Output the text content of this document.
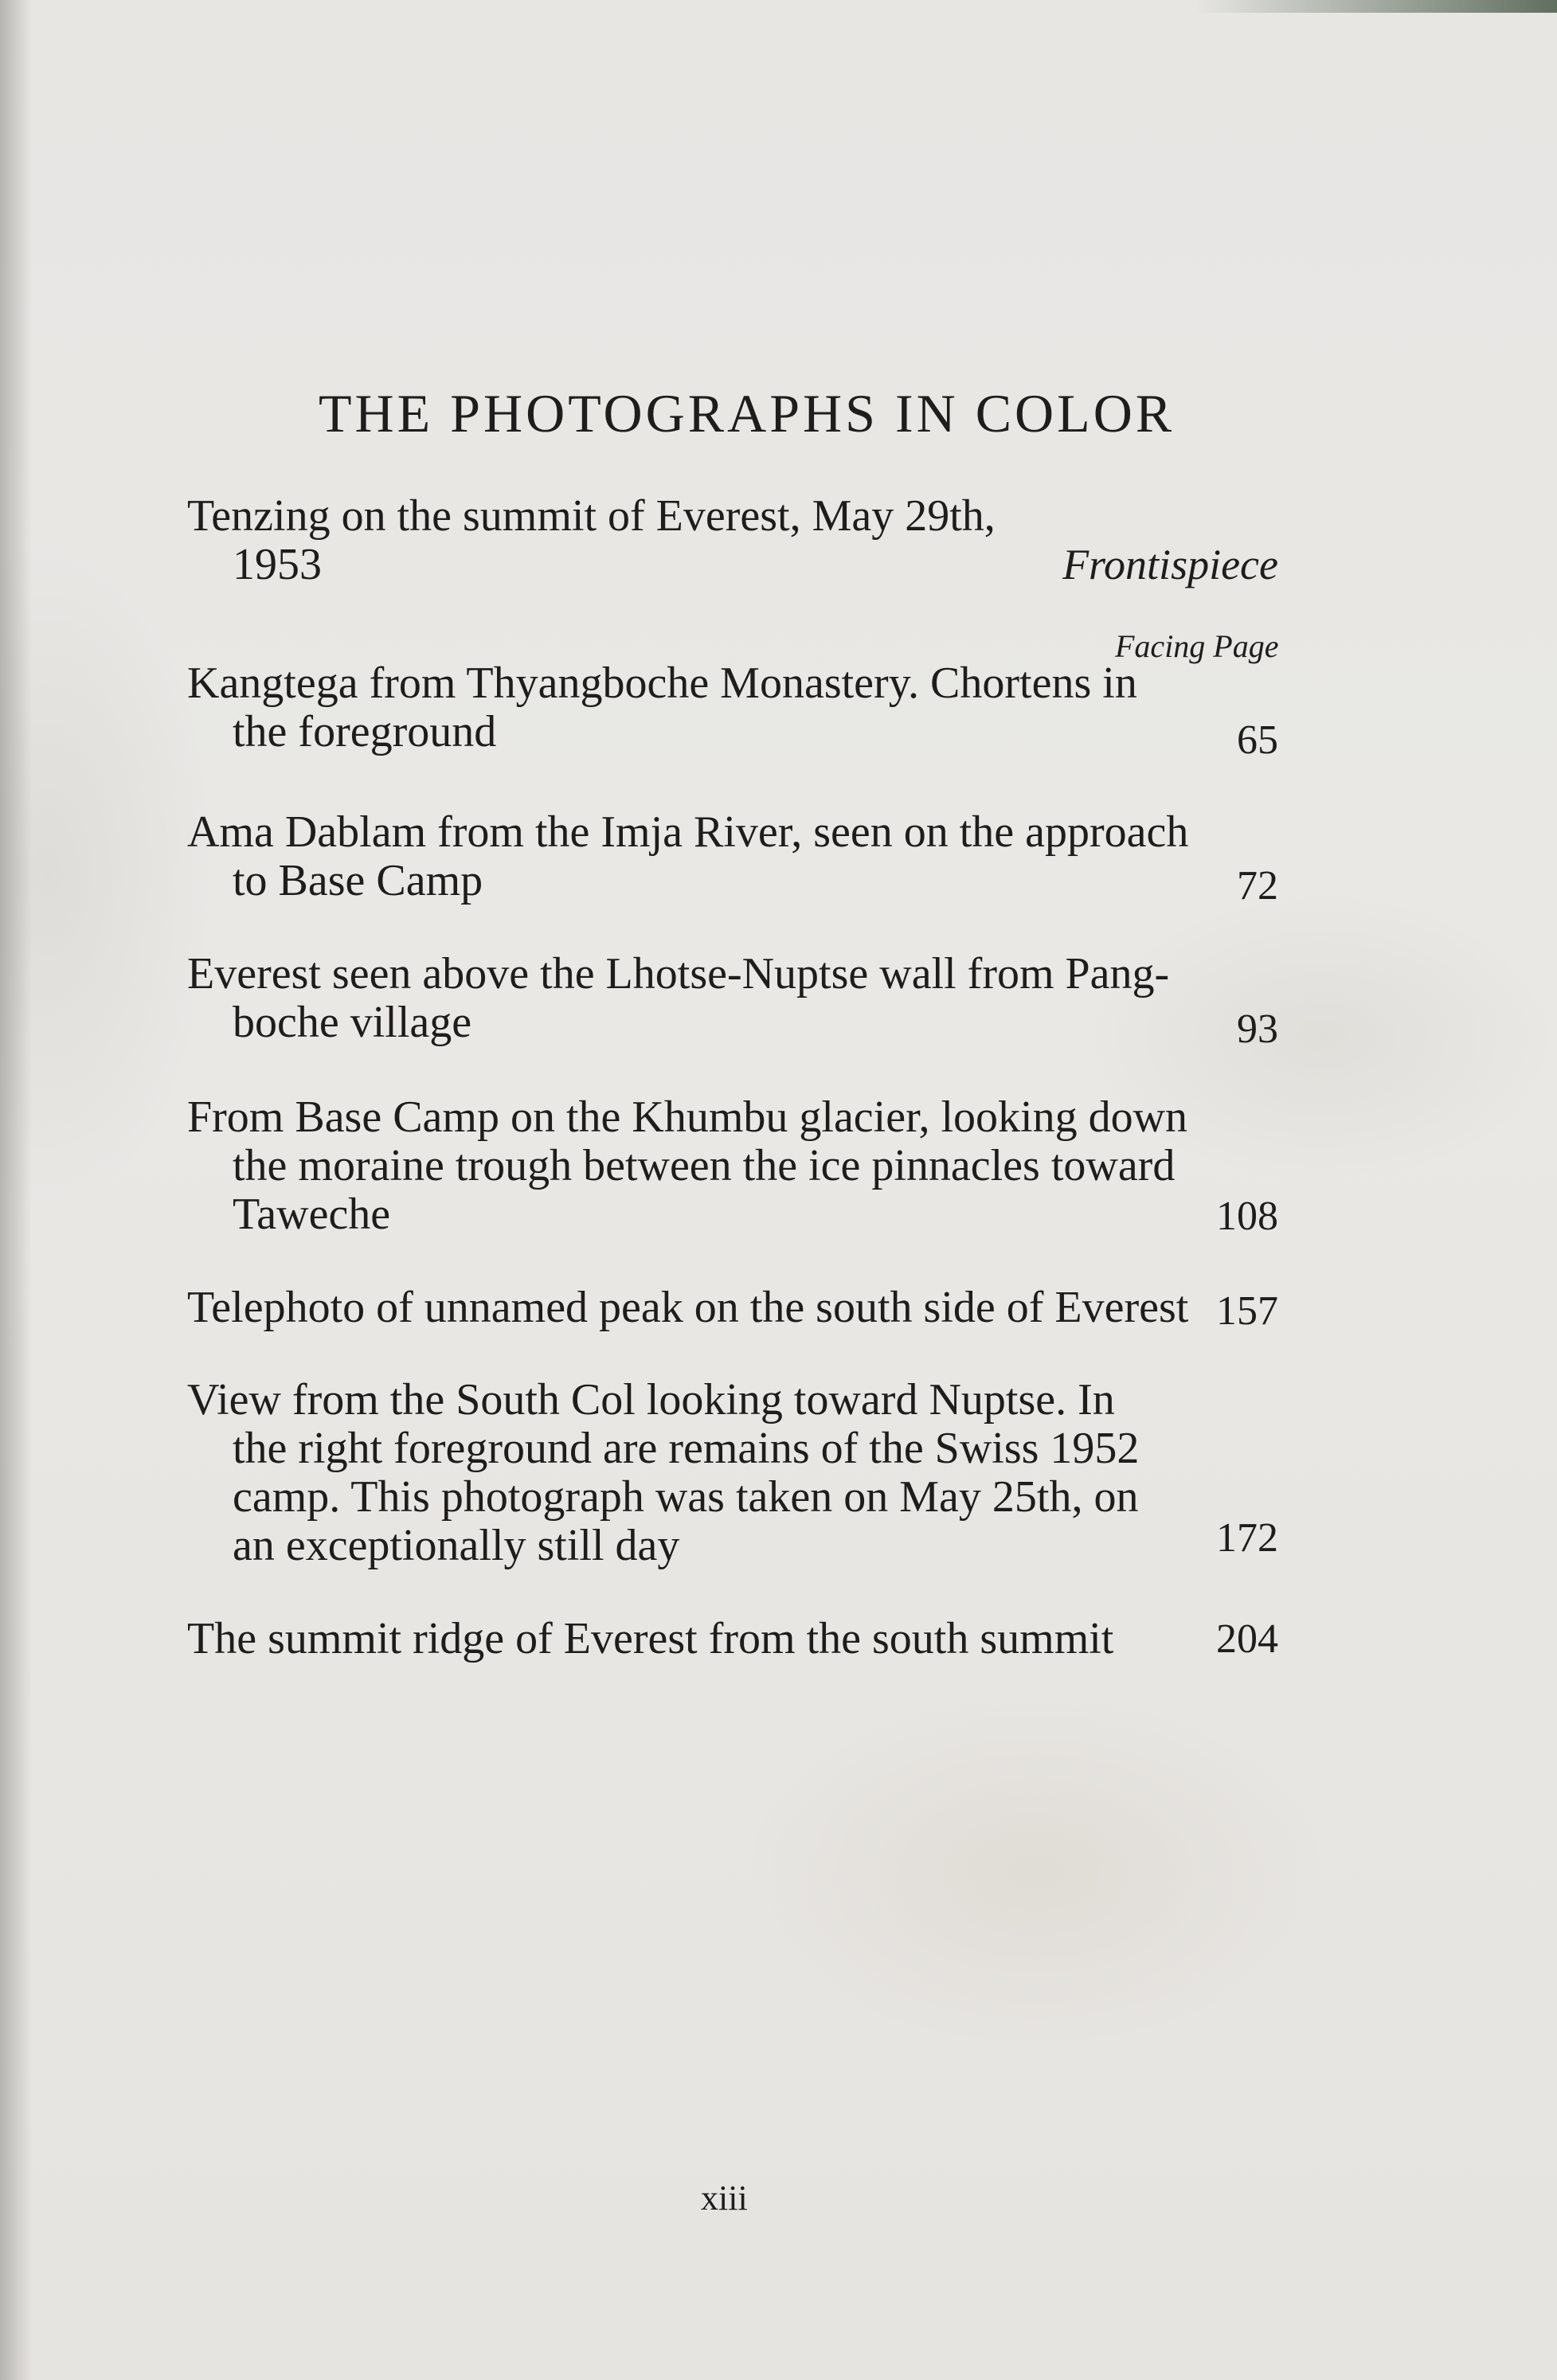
THE PHOTOGRAPHS IN COLOR
Tenzing on the summit of Everest, May 29th,
1953	Frontispiece
Facing Page
Kangtega from Thyangboche Monastery. Chortens in
the foreground	65
Ama Dablam from the Imja River, seen on the approach
to Base Camp	72
Everest seen above the Lhotse-Nuptse wall from Pang-
boche village	93
From Base Camp on the Khumbu glacier, looking down
the moraine trough between the ice pinnacles toward
Taweche	108
Telephoto of unnamed peak on the south side of Everest 157
View from the South Col looking toward Nuptse. In
the right foreground are remains of the Swiss 1952
camp. This photograph was taken on May 25th, on
an exceptionally still day	172
The summit ridge of Everest from the south summit	204
xiii
